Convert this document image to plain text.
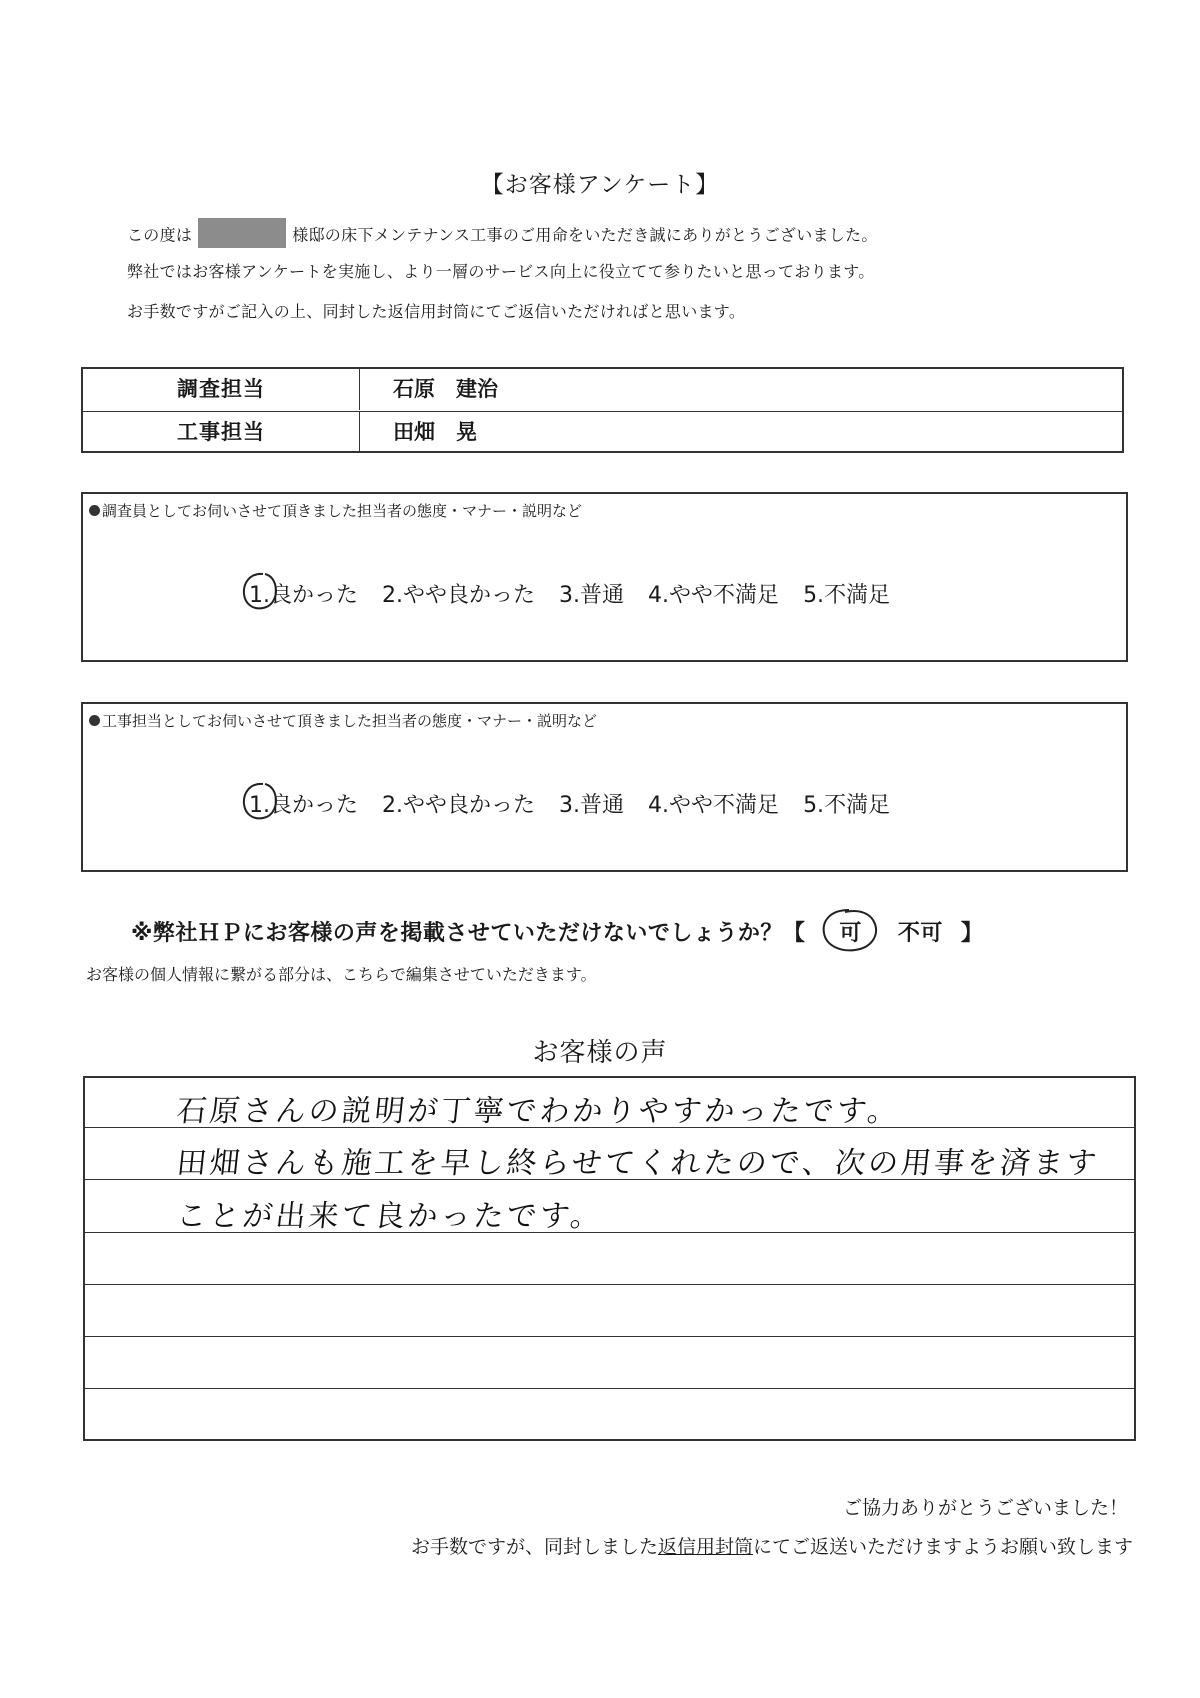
【お客様アンケート】
この度は	様邸の床下メンテナンス工事のご用命をいただき誠にありがとうございました。
弊社ではお客様アンケートを実施し、より一層のサービス向上に役立てて参りたいと思っております。
お手数ですがご記入の上、同封した返信用封筒にてご返信いただければと思います。
調査担当	石原　建治
工事担当	田畑　晃
調査員としてお伺いさせて頂きました担当者の態度・マナー・説明など
1.良かった 2.やや良かった 3.普通 4.やや不満足 5.不満足
工事担当としてお伺いさせて頂きました担当者の態度・マナー・説明など
1.良かった 2.やや良かった 3.普通 4.やや不満足 5.不満足
※弊社ＨＰにお客様の声を掲載させていただけないでしょうか？【 可 不可 】
お客様の個人情報に繋がる部分は、こちらで編集させていただきます。
お客様の声
石原さんの説明が丁寧でわかりやすかったです。
田畑さんも施工を早し終らせてくれたので、次の用事を済ます
ことが出来て良かったです。
ご協力ありがとうございました！
お手数ですが、同封しました返信用封筒にてご返送いただけますようお願い致します
